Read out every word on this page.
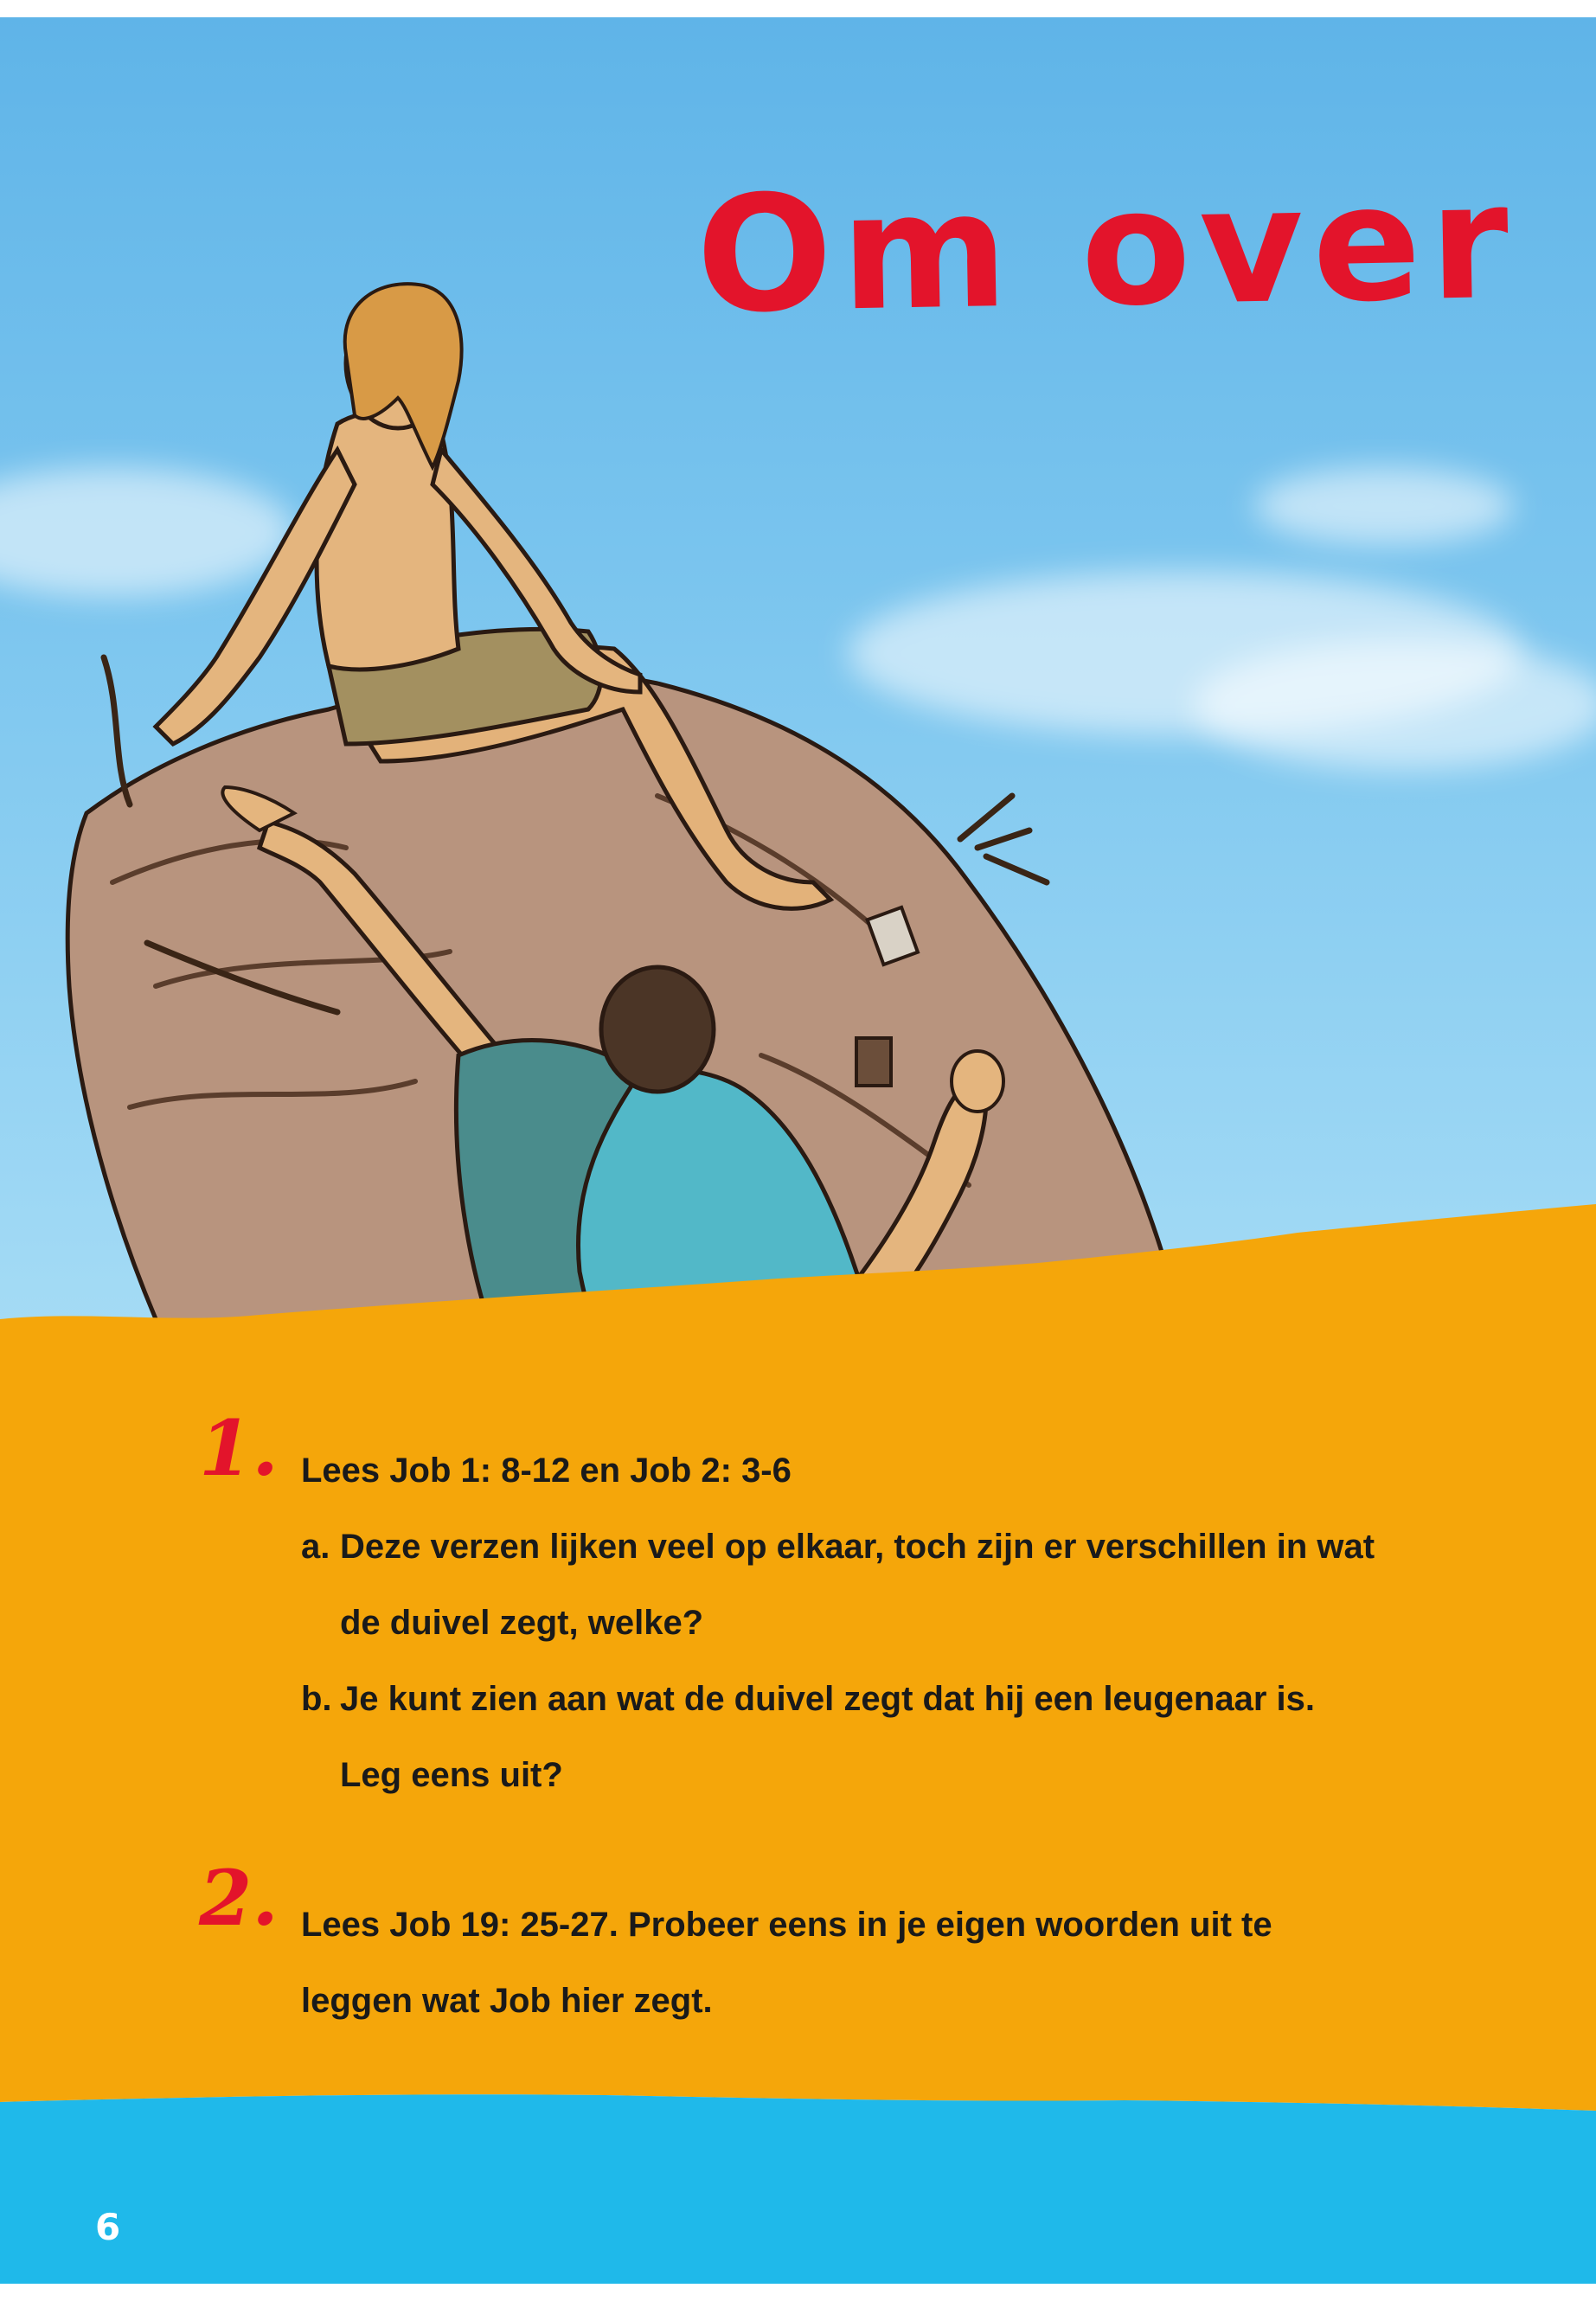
Om over
1. Lees Job 1: 8-12 en Job 2: 3-6
a. Deze verzen lijken veel op elkaar, toch zijn er verschillen in wat
de duivel zegt, welke?
b. Je kunt zien aan wat de duivel zegt dat hij een leugenaar is.
Leg eens uit?
2. Lees Job 19: 25-27. Probeer eens in je eigen woorden uit te
leggen wat Job hier zegt.
6
